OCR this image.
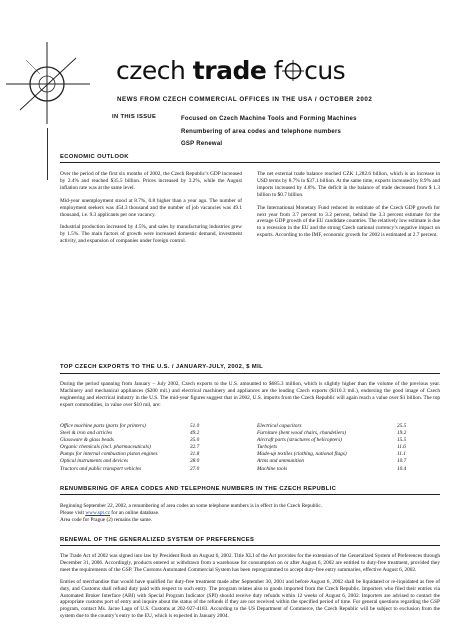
czech trade f cus
NEWS FROM CZECH COMMERCIAL OFFICES IN THE USA / OCTOBER 2002
IN THIS ISSUE	Focused on Czech Machine Tools and Forming Machines
Renumbering of area codes and telephone numbers
GSP Renewal
ECONOMIC OUTLOOK

Over the period of the first six months of 2002, the Czech Republic’s GDP increased by 2.4% and reached $35.5 billion. Prices increased by 3.2%, while the August inflation rate was at the same level.

Mid-year unemployment stood at 8.7%, 0.8 higher than a year ago. The number of employment seekers was 454.3 thousand and the number of job vacancies was 49.1 thousand, i.e. 9.3 applicants per one vacancy.

Industrial production increased by 4.5%, and sales by manufacturing industries grew by 1.5%. The main factors of growth were increased domestic demand, investment activity, and expansion of companies under foreign control.

The net external trade balance reached CZK 1,282.6 billion, which is an increase in USD terms by 8.7% to $37.1 billion. At the same time, exports increased by 8.9% and imports increased by 4.8%. The deficit in the balance of trade decreased from $ 1.3 billion to $0.7 billion.

The International Monetary Fund reduced its estimate of the Czech GDP growth for next year from 3.7 percent to 3.2 percent, behind the 3.3 percent estimate for the average GDP growth of the EU candidate countries. The relatively low estimate is due to a recession in the EU and the strong Czech national currency’s negative impact on exports. According to the IMF, economic growth for 2002 is estimated at 2.7 percent.

TOP CZECH EXPORTS TO THE U.S. / JANUARY-JULY, 2002, $ MIL

During the period spanning from January – July 2002, Czech exports to the U.S. amounted to $685.3 million, which is slightly higher than the volume of the previous year. Machinery and mechanical appliances ($200 mil.) and electrical machinery and appliances are the leading Czech exports ($110.3 mil.), endorsing the good image of Czech engineering and electrical industry in the U.S. The mid-year figures suggest that in 2002, U.S. imports from the Czech Republic will again reach a value over $1 billion. The top export commodities, in value over $10 mil, are:

Office machine parts (parts for printers)	51.0
Steel & iron and articles	49.2
Glassware & glass beads	35.0
Organic chemicals (incl. pharmaceuticals)	32.7
Pumps for internal combustion piston engines	31.8
Optical instruments and devices	28.0
Tractors and public transport vehicles	27.0
Electrical capacitors	25.5
Furniture (bent wood chairs, chandeliers)	19.2
Aircraft parts (structures of helicopters)	15.5
Turbojets	11.6
Made-up textiles (clothing, national flags)	11.1
Arms and ammunition	10.7
Machine tools	10.4
RENUMBERING OF AREA CODES AND TELEPHONE NUMBERS IN THE CZECH REPUBLIC
Beginning September 22, 2002, a renumbering of area codes an some telephone numbers is in effect in the Czech Republic.
Please visit www.spt.cz for an online database.
Area code for Prague (2) remains the same.
RENEWAL OF THE GENERALIZED SYSTEM OF PREFERENCES

The Trade Act of 2002 was signed into law by President Bush on August 6, 2002. Title XLI of the Act provides for the extension of the Generalized System of Preferences through December 31, 2006. Accordingly, products entered or withdrawn from a warehouse for consumption on or after August 6, 2002 are entitled to duty-free treatment, provided they meet the requirements of the GSP. The Customs Automated Commercial System has been reprogrammed to accept duty-free entry summaries, effective August 6, 2002.

Entries of merchandise that would have qualified for duty-free treatment made after September 30, 2001 and before August 6, 2002 shall be liquidated or re-liquidated as free of duty, and Customs shall refund duty paid with respect to such entry. The program relates also to goods imported from the Czech Republic. Importers who filed their entries via Automated Broker Interface (ABI) with Special Program Indicator (SPI) should receive duty refunds within 12 weeks of August 6, 2002. Importers are advised to contact the appropriate customs port of entry and inquire about the status of the refunds if they are not received within the specified period of time. For general questions regarding the GSP program, contact Ms. Jacne Lago of U.S. Customs at 202-927-4183. According to the US Department of Commerce, the Czech Republic will be subject to exclusion from the system due to the country’s entry to the EU, which is expected in January 2004.
